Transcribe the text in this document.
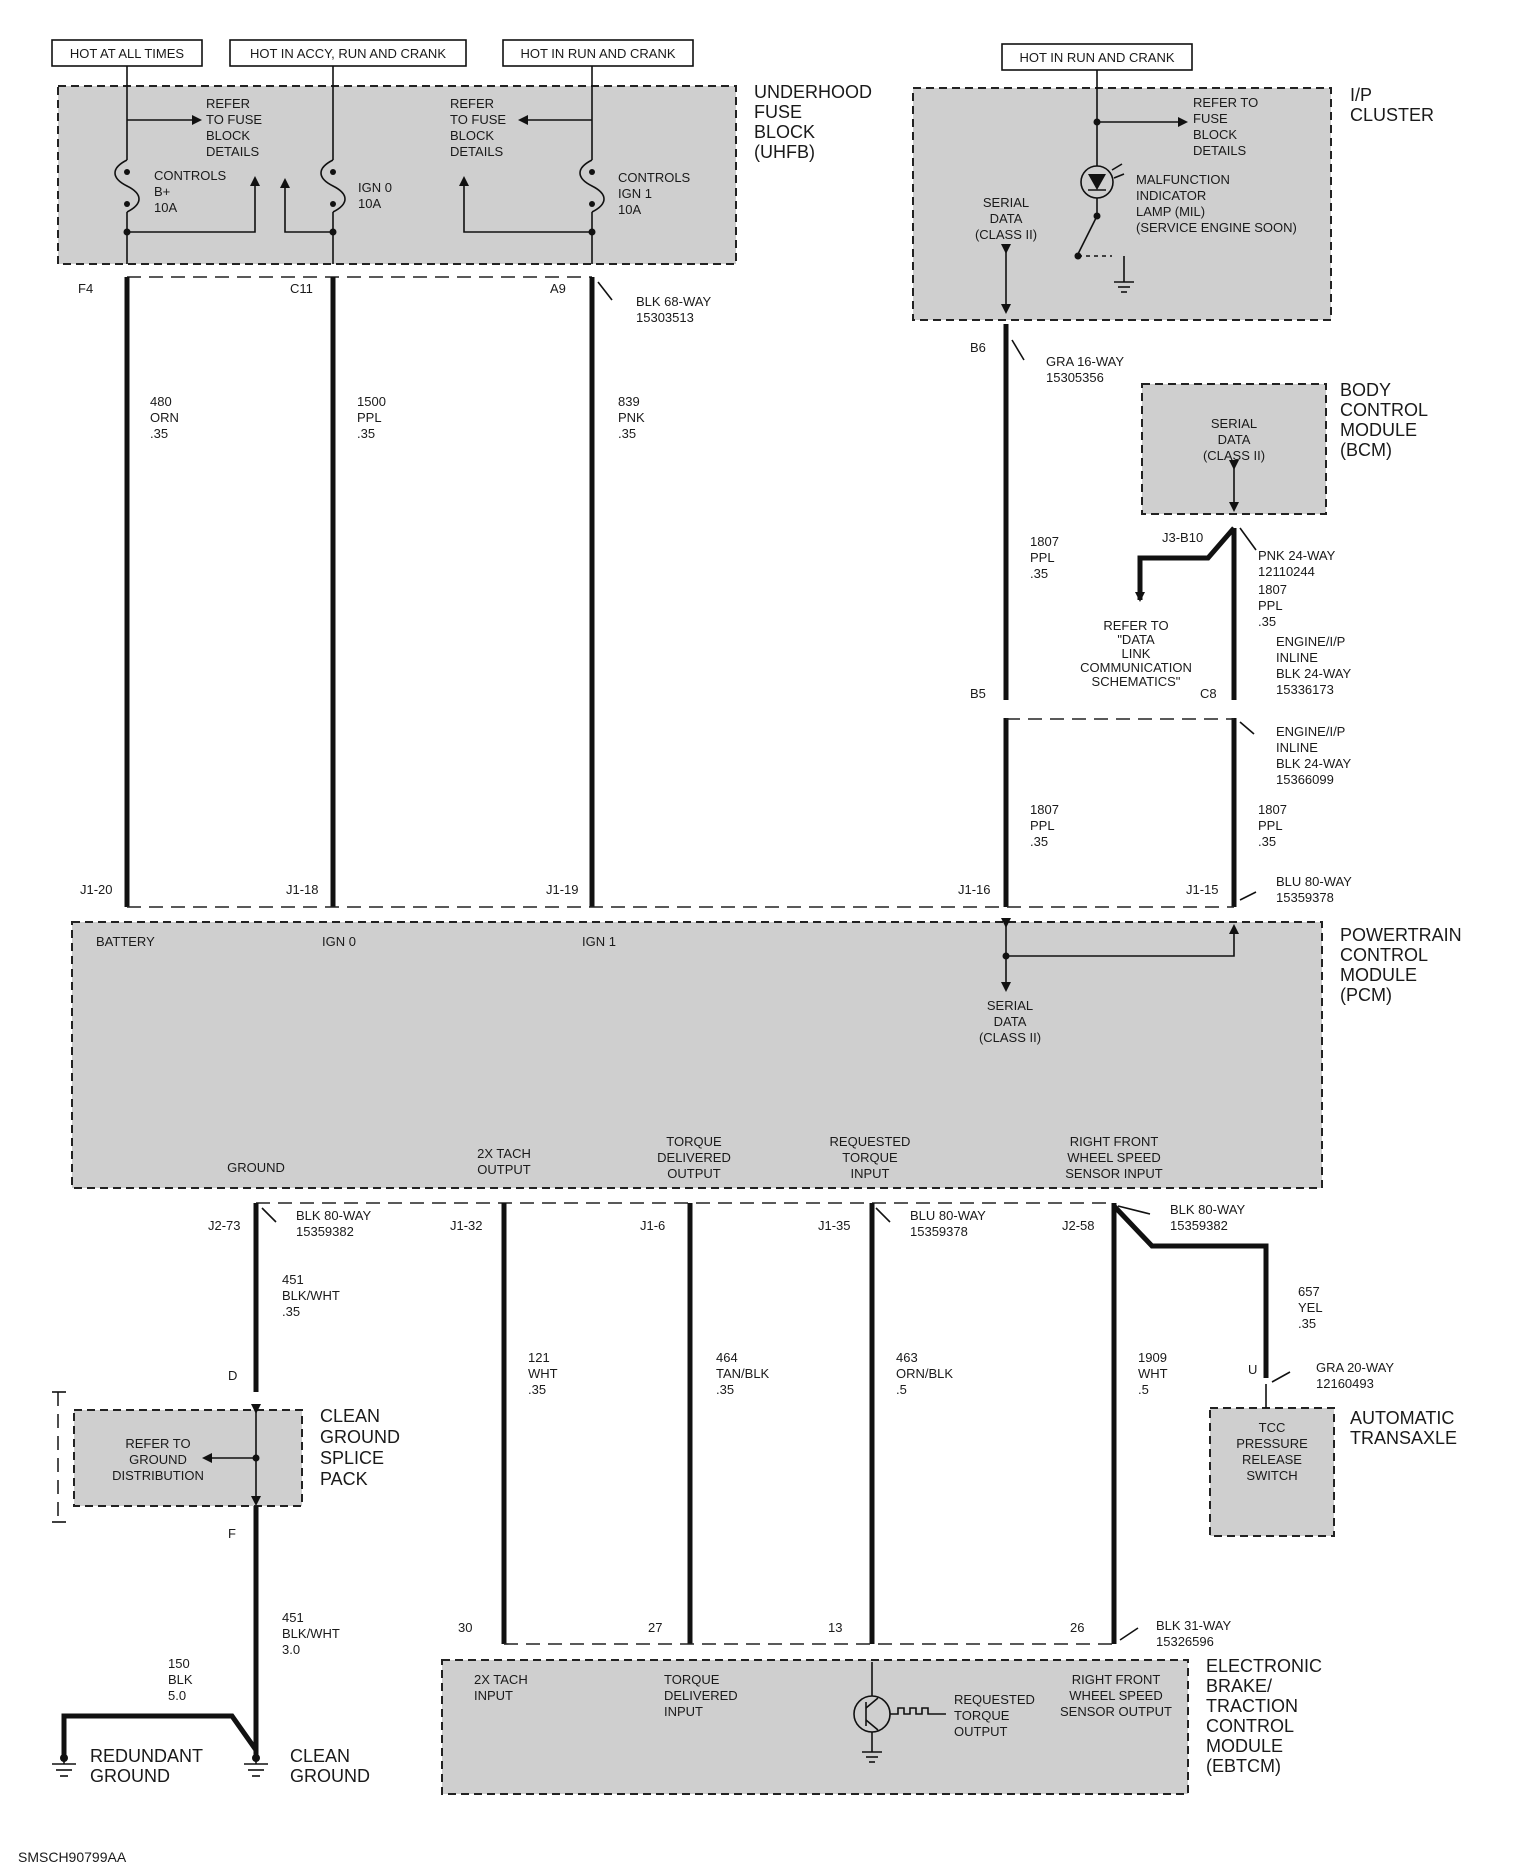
HOT AT ALL TIMES	HOT IN ACCY, RUN AND CRANK	HOT IN RUN AND CRANK	HOT IN RUN AND CRANK
UNDERHOOD
FUSE
BLOCK
(UHFB)
REFER
TO FUSE
BLOCK
DETAILS
REFER
TO FUSE
BLOCK
DETAILS
CONTROLS
B+
10A
IGN 0
10A
CONTROLS
IGN 1
10A
F4	C11	A9
BLK 68-WAY
15303513
480
ORN
.35
1500
PPL
.35
839
PNK
.35
I/P
CLUSTER
REFER TO
FUSE
BLOCK
DETAILS
MALFUNCTION
INDICATOR
LAMP (MIL)
(SERVICE ENGINE SOON)
SERIAL
DATA
(CLASS II)
B6
GRA 16-WAY
15305356
BODY
CONTROL
MODULE
(BCM)
SERIAL
DATA
(CLASS II)
J3-B10
PNK 24-WAY
12110244
REFER TO
"DATA
LINK
COMMUNICATION
SCHEMATICS"
1807
PPL
.35
1807
PPL
.35
1807
PPL
.35
1807
PPL
.35
B5	C8
ENGINE/I/P
INLINE
BLK 24-WAY
15336173
ENGINE/I/P
INLINE
BLK 24-WAY
15366099
J1-20	J1-18	J1-19	J1-16	J1-15
BLU 80-WAY
15359378
POWERTRAIN
CONTROL
MODULE
(PCM)
BATTERY	IGN 0	IGN 1
SERIAL
DATA
(CLASS II)
GROUND
2X TACH
OUTPUT
TORQUE
DELIVERED
OUTPUT
REQUESTED
TORQUE
INPUT
RIGHT FRONT
WHEEL SPEED
SENSOR INPUT
J2-73	J1-32	J1-6	J1-35	J2-58
BLK 80-WAY
15359382
BLU 80-WAY
15359378
BLK 80-WAY
15359382
451
BLK/WHT
.35
121
WHT
.35
464
TAN/BLK
.35
463
ORN/BLK
.5
1909
WHT
.5
657
YEL
.35
D
REFER TO
GROUND
DISTRIBUTION
CLEAN
GROUND
SPLICE
PACK
F
451
BLK/WHT
3.0
150
BLK
5.0
REDUNDANT
GROUND
CLEAN
GROUND
U	GRA 20-WAY
12160493
TCC
PRESSURE
RELEASE
SWITCH
AUTOMATIC
TRANSAXLE
30	27	13	26	BLK 31-WAY
15326596
ELECTRONIC
BRAKE/
TRACTION
CONTROL
MODULE
(EBTCM)
2X TACH
INPUT
TORQUE
DELIVERED
INPUT
REQUESTED
TORQUE
OUTPUT
RIGHT FRONT
WHEEL SPEED
SENSOR OUTPUT
SMSCH90799AA
